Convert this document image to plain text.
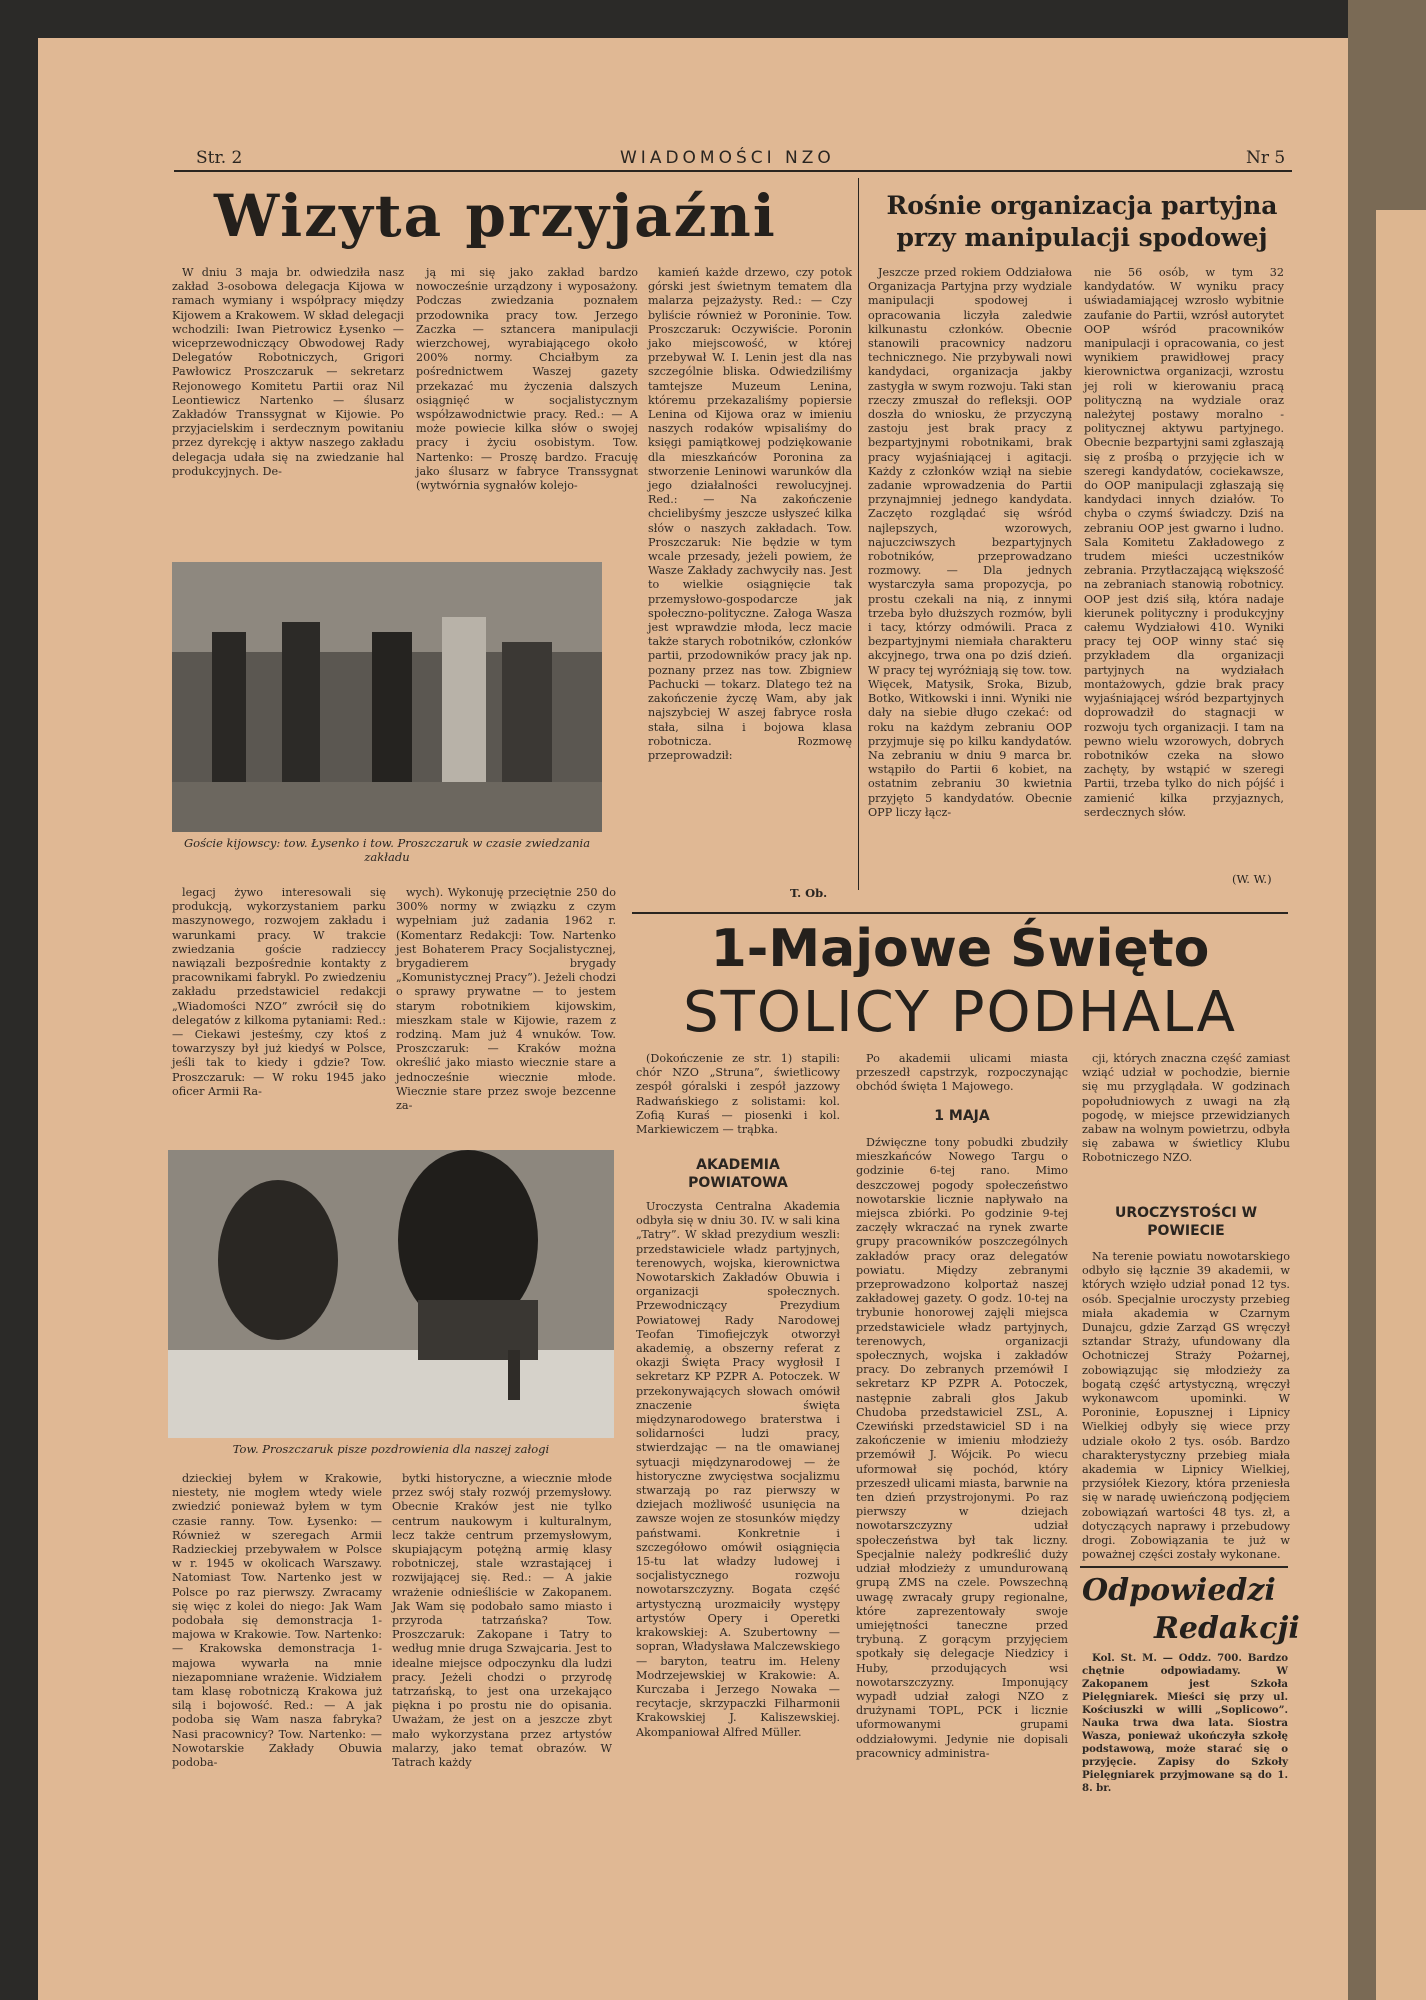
Str. 2	WIADOMOŚCI NZO	Nr 5
Wizyta przyjaźni

W dniu 3 maja br. odwiedziła nasz zakład 3-osobowa delegacja Kijowa w ramach wymiany i współpracy między Kijowem a Krakowem. W skład delegacji wchodzili: Iwan Pietrowicz Łysenko — wiceprzewodniczący Obwodowej Rady Delegatów Robotniczych, Grigori Pawłowicz Proszczaruk — sekretarz Rejonowego Komitetu Partii oraz Nil Leontiewicz Nartenko — ślusarz Zakładów Transsygnat w Kijowie. Po przyjacielskim i serdecznym powitaniu przez dyrekcję i aktyw naszego zakładu delegacja udała się na zwiedzanie hal produkcyjnych. De-

ją mi się jako zakład bardzo nowocześnie urządzony i wyposażony. Podczas zwiedzania poznałem przodownika pracy tow. Jerzego Zaczka — sztancera manipulacji wierzchowej, wyrabiającego około 200% normy. Chciałbym za pośrednictwem Waszej gazety przekazać mu życzenia dalszych osiągnięć w socjalistycznym współzawodnictwie pracy. Red.: — A może powiecie kilka słów o swojej pracy i życiu osobistym. Tow. Nartenko: — Proszę bardzo. Fracuję jako ślusarz w fabryce Transsygnat (wytwórnia sygnałów kolejo-

kamień każde drzewo, czy potok górski jest świetnym tematem dla malarza pejzażysty. Red.: — Czy byliście również w Poroninie. Tow. Proszczaruk: Oczywiście. Poronin jako miejscowość, w której przebywał W. I. Lenin jest dla nas szczególnie bliska. Odwiedziliśmy tamtejsze Muzeum Lenina, któremu przekazaliśmy popiersie Lenina od Kijowa oraz w imieniu naszych rodaków wpisaliśmy do księgi pamiątkowej podziękowanie dla mieszkańców Poronina za stworzenie Leninowi warunków dla jego działalności rewolucyjnej. Red.: — Na zakończenie chcielibyśmy jeszcze usłyszeć kilka słów o naszych zakładach. Tow. Proszczaruk: Nie będzie w tym wcale przesady, jeżeli powiem, że Wasze Zakłady zachwyciły nas. Jest to wielkie osiągnięcie tak przemysłowo-gospodarcze jak społeczno-polityczne. Załoga Wasza jest wprawdzie młoda, lecz macie także starych robotników, członków partii, przodowników pracy jak np. poznany przez nas tow. Zbigniew Pachucki — tokarz. Dlatego też na zakończenie życzę Wam, aby jak najszybciej W aszej fabryce rosła stała, silna i bojowa klasa robotnicza. Rozmowę przeprowadził:

T. Ob.
Goście kijowscy: tow. Łysenko i tow. Proszczaruk w czasie zwiedzania zakładu

legacj żywo interesowali się produkcją, wykorzystaniem parku maszynowego, rozwojem zakładu i warunkami pracy. W trakcie zwiedzania goście radzieccy nawiązali bezpośrednie kontakty z pracownikami fabrykl. Po zwiedzeniu zakładu przedstawiciel redakcji „Wiadomości NZO” zwrócił się do delegatów z kilkoma pytaniami: Red.: — Ciekawi jesteśmy, czy ktoś z towarzyszy był już kiedyś w Polsce, jeśli tak to kiedy i gdzie? Tow. Proszczaruk: — W roku 1945 jako oficer Armii Ra-

wych). Wykonuję przeciętnie 250 do 300% normy w związku z czym wypełniam już zadania 1962 r. (Komentarz Redakcji: Tow. Nartenko jest Bohaterem Pracy Socjalistycznej, brygadierem brygady „Komunistycznej Pracy”). Jeżeli chodzi o sprawy prywatne — to jestem starym robotnikiem kijowskim, mieszkam stale w Kijowie, razem z rodziną. Mam już 4 wnuków. Tow. Proszczaruk: — Kraków można określić jako miasto wiecznie stare a jednocześnie wiecznie młode. Wiecznie stare przez swoje bezcenne za-

Tow. Proszczaruk pisze pozdrowienia dla naszej załogi

dzieckiej byłem w Krakowie, niestety, nie mogłem wtedy wiele zwiedzić ponieważ byłem w tym czasie ranny. Tow. Łysenko: — Również w szeregach Armii Radzieckiej przebywałem w Polsce w r. 1945 w okolicach Warszawy. Natomiast Tow. Nartenko jest w Polsce po raz pierwszy. Zwracamy się więc z kolei do niego: Jak Wam podobała się demonstracja 1-majowa w Krakowie. Tow. Nartenko: — Krakowska demonstracja 1-majowa wywarła na mnie niezapomniane wrażenie. Widziałem tam klasę robotniczą Krakowa już silą i bojowość. Red.: — A jak podoba się Wam nasza fabryka? Nasi pracownicy? Tow. Nartenko: — Nowotarskie Zakłady Obuwia podoba-

bytki historyczne, a wiecznie młode przez swój stały rozwój przemysłowy. Obecnie Kraków jest nie tylko centrum naukowym i kulturalnym, lecz także centrum przemysłowym, skupiającym potężną armię klasy robotniczej, stale wzrastającej i rozwijającej się. Red.: — A jakie wrażenie odnieśliście w Zakopanem. Jak Wam się podobało samo miasto i przyroda tatrzańska? Tow. Proszczaruk: Zakopane i Tatry to według mnie druga Szwajcaria. Jest to idealne miejsce odpoczynku dla ludzi pracy. Jeżeli chodzi o przyrodę tatrzańską, to jest ona urzekająco piękna i po prostu nie do opisania. Uważam, że jest on a jeszcze zbyt mało wykorzystana przez artystów malarzy, jako temat obrazów. W Tatrach każdy

Rośnie organizacja partyjna
przy manipulacji spodowej

Jeszcze przed rokiem Oddziałowa Organizacja Partyjna przy wydziale manipulacji spodowej i opracowania liczyła zaledwie kilkunastu członków. Obecnie stanowili pracownicy nadzoru technicznego. Nie przybywali nowi kandydaci, organizacja jakby zastygła w swym rozwoju. Taki stan rzeczy zmuszał do refleksji. OOP doszła do wniosku, że przyczyną zastoju jest brak pracy z bezpartyjnymi robotnikami, brak pracy wyjaśniającej i agitacji. Każdy z członków wziął na siebie zadanie wprowadzenia do Partii przynajmniej jednego kandydata. Zaczęto rozglądać się wśród najlepszych, wzorowych, najuczciwszych bezpartyjnych robotników, przeprowadzano rozmowy. — Dla jednych wystarczyła sama propozycja, po prostu czekali na nią, z innymi trzeba było dłuższych rozmów, byli i tacy, którzy odmówili. Praca z bezpartyjnymi niemiała charakteru akcyjnego, trwa ona po dziś dzień. W pracy tej wyróżniają się tow. tow. Więcek, Matysik, Sroka, Bizub, Botko, Witkowski i inni. Wyniki nie dały na siebie długo czekać: od roku na każdym zebraniu OOP przyjmuje się po kilku kandydatów. Na zebraniu w dniu 9 marca br. wstąpiło do Partii 6 kobiet, na ostatnim zebraniu 30 kwietnia przyjęto 5 kandydatów. Obecnie OPP liczy łącz-

nie 56 osób, w tym 32 kandydatów. W wyniku pracy uświadamiającej wzrosło wybitnie zaufanie do Partii, wzrósł autorytet OOP wśród pracowników manipulacji i opracowania, co jest wynikiem prawidłowej pracy kierownictwa organizacji, wzrostu jej roli w kierowaniu pracą polityczną na wydziale oraz należytej postawy moralno - politycznej aktywu partyjnego. Obecnie bezpartyjni sami zgłaszają się z prośbą o przyjęcie ich w szeregi kandydatów, cociekawsze, do OOP manipulacji zgłaszają się kandydaci innych działów. To chyba o czymś świadczy. Dziś na zebraniu OOP jest gwarno i ludno. Sala Komitetu Zakładowego z trudem mieści uczestników zebrania. Przytłaczającą większość na zebraniach stanowią robotnicy. OOP jest dziś siłą, która nadaje kierunek polityczny i produkcyjny całemu Wydziałowi 410. Wyniki pracy tej OOP winny stać się przykładem dla organizacji partyjnych na wydziałach montażowych, gdzie brak pracy wyjaśniającej wśród bezpartyjnych doprowadził do stagnacji w rozwoju tych organizacji. I tam na pewno wielu wzorowych, dobrych robotników czeka na słowo zachęty, by wstąpić w szeregi Partii, trzeba tylko do nich pójść i zamienić kilka przyjaznych, serdecznych słów.

(W. W.)
1-Majowe Święto
STOLICY PODHALA

(Dokończenie ze str. 1) stapili: chór NZO „Struna”, świetlicowy zespół góralski i zespół jazzowy Radwańskiego z solistami: kol. Zofią Kuraś — piosenki i kol. Markiewiczem — trąbka.

AKADEMIA POWIATOWA

Uroczysta Centralna Akademia odbyła się w dniu 30. IV. w sali kina „Tatry”. W skład prezydium weszli: przedstawiciele władz partyjnych, terenowych, wojska, kierownictwa Nowotarskich Zakładów Obuwia i organizacji społecznych. Przewodniczący Prezydium Powiatowej Rady Narodowej Teofan Timofiejczyk otworzył akademię, a obszerny referat z okazji Święta Pracy wygłosił I sekretarz KP PZPR A. Potoczek. W przekonywających słowach omówił znaczenie święta międzynarodowego braterstwa i solidarności ludzi pracy, stwierdzając — na tle omawianej sytuacji międzynarodowej — że historyczne zwycięstwa socjalizmu stwarzają po raz pierwszy w dziejach możliwość usunięcia na zawsze wojen ze stosunków między państwami. Konkretnie i szczegółowo omówił osiągnięcia 15-tu lat władzy ludowej i socjalistycznego rozwoju nowotarszczyzny. Bogata część artystyczną urozmaiciły występy artystów Opery i Operetki krakowskiej: A. Szubertowny — sopran, Władysława Malczewskiego — baryton, teatru im. Heleny Modrzejewskiej w Krakowie: A. Kurczaba i Jerzego Nowaka — recytacje, skrzypaczki Filharmonii Krakowskiej J. Kaliszewskiej. Akompaniował Alfred Müller.

Po akademii ulicami miasta przeszedł capstrzyk, rozpoczynając obchód święta 1 Majowego.

1 MAJA

Dźwięczne tony pobudki zbudziły mieszkańców Nowego Targu o godzinie 6-tej rano. Mimo deszczowej pogody społeczeństwo nowotarskie licznie napływało na miejsca zbiórki. Po godzinie 9-tej zaczęły wkraczać na rynek zwarte grupy pracowników poszczególnych zakładów pracy oraz delegatów powiatu. Między zebranymi przeprowadzono kolportaż naszej zakładowej gazety. O godz. 10-tej na trybunie honorowej zajęli miejsca przedstawiciele władz partyjnych, terenowych, organizacji społecznych, wojska i zakładów pracy. Do zebranych przemówił I sekretarz KP PZPR A. Potoczek, następnie zabrali głos Jakub Chudoba przedstawiciel ZSL, A. Czewiński przedstawiciel SD i na zakończenie w imieniu młodzieży przemówił J. Wójcik. Po wiecu uformował się pochód, który przeszedł ulicami miasta, barwnie na ten dzień przystrojonymi. Po raz pierwszy w dziejach nowotarszczyzny udział społeczeństwa był tak liczny. Specjalnie należy podkreślić duży udział młodzieży z umundurowaną grupą ZMS na czele. Powszechną uwagę zwracały grupy regionalne, które zaprezentowały swoje umiejętności taneczne przed trybuną. Z gorącym przyjęciem spotkały się delegacje Niedzicy i Huby, przodujących wsi nowotarszczyzny. Imponujący wypadł udział załogi NZO z drużynami TOPL, PCK i licznie uformowanymi grupami oddziałowymi. Jedynie nie dopisali pracownicy administra-

cji, których znaczna część zamiast wziąć udział w pochodzie, biernie się mu przyglądała. W godzinach popołudniowych z uwagi na złą pogodę, w miejsce przewidzianych zabaw na wolnym powietrzu, odbyła się zabawa w świetlicy Klubu Robotniczego NZO.

UROCZYSTOŚCI W POWIECIE

Na terenie powiatu nowotarskiego odbyło się łącznie 39 akademii, w których wzięło udział ponad 12 tys. osób. Specjalnie uroczysty przebieg miała akademia w Czarnym Dunajcu, gdzie Zarząd GS wręczył sztandar Straży, ufundowany dla Ochotniczej Straży Pożarnej, zobowiązując się młodzieży za bogatą część artystyczną, wręczył wykonawcom upominki. W Poroninie, Łopusznej i Lipnicy Wielkiej odbyły się wiece przy udziale około 2 tys. osób. Bardzo charakterystyczny przebieg miała akademia w Lipnicy Wielkiej, przysiółek Kiezory, która przeniesła się w naradę uwieńczoną podjęciem zobowiązań wartości 48 tys. zł, a dotyczących naprawy i przebudowy drogi. Zobowiązania te już w poważnej części zostały wykonane.

Odpowiedzi
Redakcji

Kol. St. M. — Oddz. 700. Bardzo chętnie odpowiadamy. W Zakopanem jest Szkoła Pielęgniarek. Mieści się przy ul. Kościuszki w willi „Soplicowo”. Nauka trwa dwa lata. Siostra Wasza, ponieważ ukończyła szkołę podstawową, może starać się o przyjęcie. Zapisy do Szkoły Pielęgniarek przyjmowane są do 1. 8. br.
